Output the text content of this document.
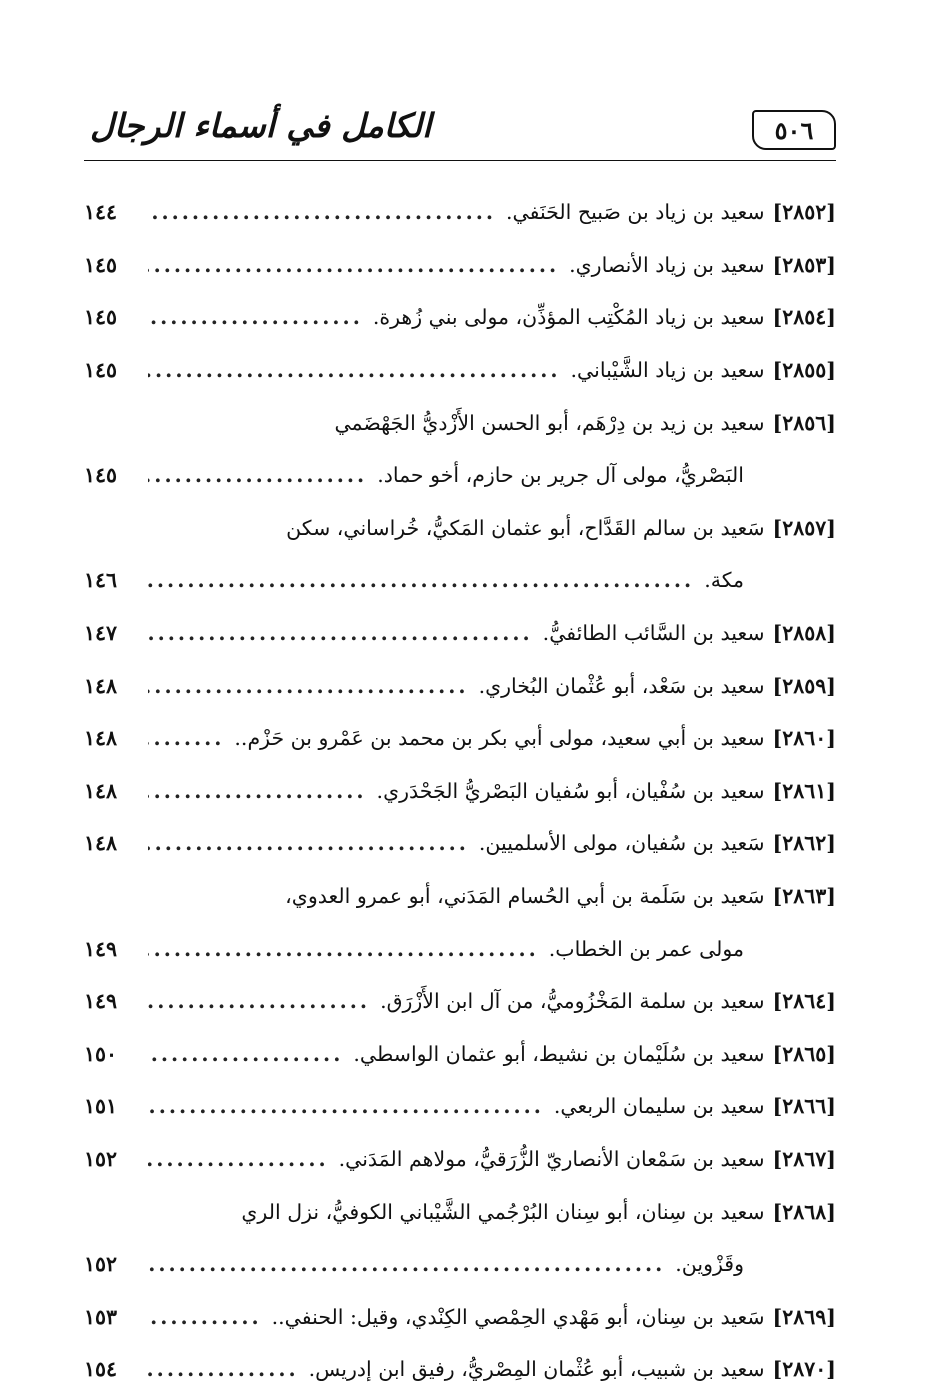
الكامل في أسماء الرجال	٥٠٦
[٢٨٥٢]
سعيد بن زياد بن صَبيح الحَنَفي.
.....
١٤٤
[٢٨٥٣]
سعيد بن زياد الأنصاري.
.....
١٤٥
[٢٨٥٤]
سعيد بن زياد المُكْتِب المؤذِّن، مولى بني زُهرة.
.....
١٤٥
[٢٨٥٥]
سعيد بن زياد الشَّيْباني.
.....
١٤٥
[٢٨٥٦]
سعيد بن زيد بن دِرْهَم، أبو الحسن الأَزْديُّ الجَهْضَمي
البَصْريُّ، مولى آل جرير بن حازم، أخو حماد.
.....
١٤٥
[٢٨٥٧]
سَعيد بن سالم القَدَّاح، أبو عثمان المَكيُّ، خُراساني، سكن
مكة.
.....
١٤٦
[٢٨٥٨]
سعيد بن السَّائب الطائفيُّ.
.....
١٤٧
[٢٨٥٩]
سعيد بن سَعْد، أبو عُثْمان البُخاري.
.....
١٤٨
[٢٨٦٠]
سعيد بن أبي سعيد، مولى أبي بكر بن محمد بن عَمْرو بن حَزْم..
.....
١٤٨
[٢٨٦١]
سعيد بن سُفْيان، أبو سُفيان البَصْريُّ الجَحْدَري.
.....
١٤٨
[٢٨٦٢]
سَعيد بن سُفيان، مولى الأسلميين.
.....
١٤٨
[٢٨٦٣]
سَعيد بن سَلَمة بن أبي الحُسام المَدَني، أبو عمرو العدوي،
مولى عمر بن الخطاب.
.....
١٤٩
[٢٨٦٤]
سعيد بن سلمة المَخْزُوميُّ، من آل ابن الأَزْرَق.
.....
١٤٩
[٢٨٦٥]
سعيد بن سُلَيْمان بن نشيط، أبو عثمان الواسطي.
.....
١٥٠
[٢٨٦٦]
سعيد بن سليمان الربعي.
.....
١٥١
[٢٨٦٧]
سعيد بن سَمْعان الأنصاريّ الزُّرَقيُّ، مولاهم المَدَني.
.....
١٥٢
[٢٨٦٨]
سعيد بن سِنان، أبو سِنان البُرْجُمي الشَّيْباني الكوفيُّ، نزل الري
وقَزْوين.
.....
١٥٢
[٢٨٦٩]
سَعيد بن سِنان، أبو مَهْدي الحِمْصي الكِنْدي، وقيل: الحنفي..
.....
١٥٣
[٢٨٧٠]
سعيد بن شبيب، أبو عُثْمان المِصْريُّ، رفيق ابن إدريس.
.....
١٥٤
